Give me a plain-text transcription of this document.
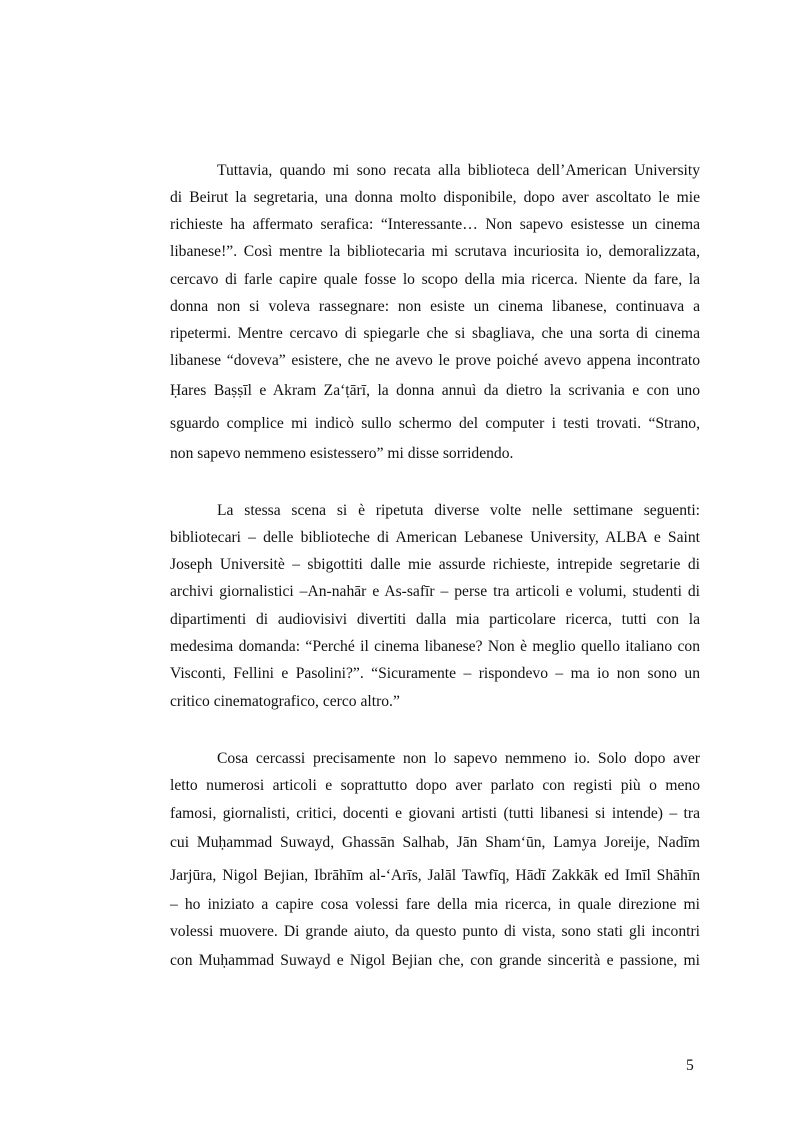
Tuttavia, quando mi sono recata alla biblioteca dell’American University
di Beirut la segretaria, una donna molto disponibile, dopo aver ascoltato le mie
richieste ha affermato serafica: “Interessante… Non sapevo esistesse un cinema
libanese!”. Così mentre la bibliotecaria mi scrutava incuriosita io, demoralizzata,
cercavo di farle capire quale fosse lo scopo della mia ricerca. Niente da fare, la
donna non si voleva rassegnare: non esiste un cinema libanese, continuava a
ripetermi. Mentre cercavo di spiegarle che si sbagliava, che una sorta di cinema
libanese “doveva” esistere, che ne avevo le prove poiché avevo appena incontrato
Ḥares Baṣṣīl e Akram Za‘ṭārī, la donna annuì da dietro la scrivania e con uno
sguardo complice mi indicò sullo schermo del computer i testi trovati. “Strano,
non sapevo nemmeno esistessero” mi disse sorridendo.
La stessa scena si è ripetuta diverse volte nelle settimane seguenti:
bibliotecari – delle biblioteche di American Lebanese University, ALBA e Saint
Joseph Universitè – sbigottiti dalle mie assurde richieste, intrepide segretarie di
archivi giornalistici –An-nahār e As-safīr – perse tra articoli e volumi, studenti di
dipartimenti di audiovisivi divertiti dalla mia particolare ricerca, tutti con la
medesima domanda: “Perché il cinema libanese? Non è meglio quello italiano con
Visconti, Fellini e Pasolini?”. “Sicuramente – rispondevo – ma io non sono un
critico cinematografico, cerco altro.”
Cosa cercassi precisamente non lo sapevo nemmeno io. Solo dopo aver
letto numerosi articoli e soprattutto dopo aver parlato con registi più o meno
famosi, giornalisti, critici, docenti e giovani artisti (tutti libanesi si intende) – tra
cui Muḥammad Suwayd, Ghassān Salhab, Jān Sham‘ūn, Lamya Joreije, Nadīm
Jarjūra, Nigol Bejian, Ibrāhīm al-‘Arīs, Jalāl Tawfīq, Hādī Zakkāk ed Imīl Shāhīn
– ho iniziato a capire cosa volessi fare della mia ricerca, in quale direzione mi
volessi muovere. Di grande aiuto, da questo punto di vista, sono stati gli incontri
con Muḥammad Suwayd e Nigol Bejian che, con grande sincerità e passione, mi
5
